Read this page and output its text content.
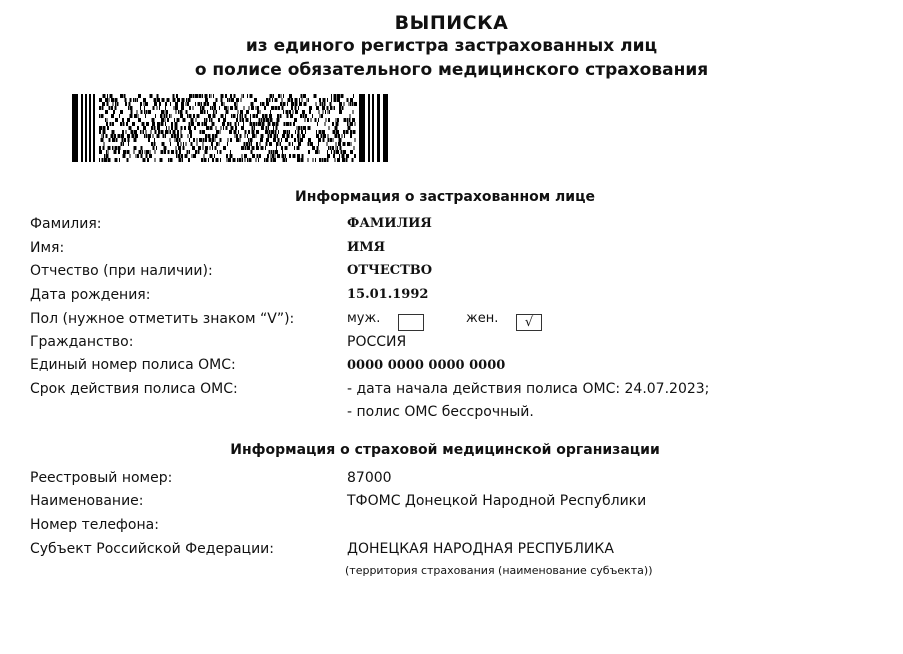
ВЫПИСКА
из единого регистра застрахованных лиц
о полисе обязательного медицинского страхования
Информация о застрахованном лице
Фамилия:	ФАМИЛИЯ
Имя:	ИМЯ
Отчество (при наличии):	ОТЧЕСТВО
Дата рождения:	15.01.1992
Пол (нужное отметить знаком “V”):	муж.	жен.	√
Гражданство:	РОССИЯ
Единый номер полиса ОМС:	0000 0000 0000 0000
Срок действия полиса ОМС:	- дата начала действия полиса ОМС: 24.07.2023;
- полис ОМС бессрочный.
Информация о страховой медицинской организации
Реестровый номер:	87000
Наименование:	ТФОМС Донецкой Народной Республики
Номер телефона:
Субъект Российской Федерации:	ДОНЕЦКАЯ НАРОДНАЯ РЕСПУБЛИКА
(территория страхования (наименование субъекта))
